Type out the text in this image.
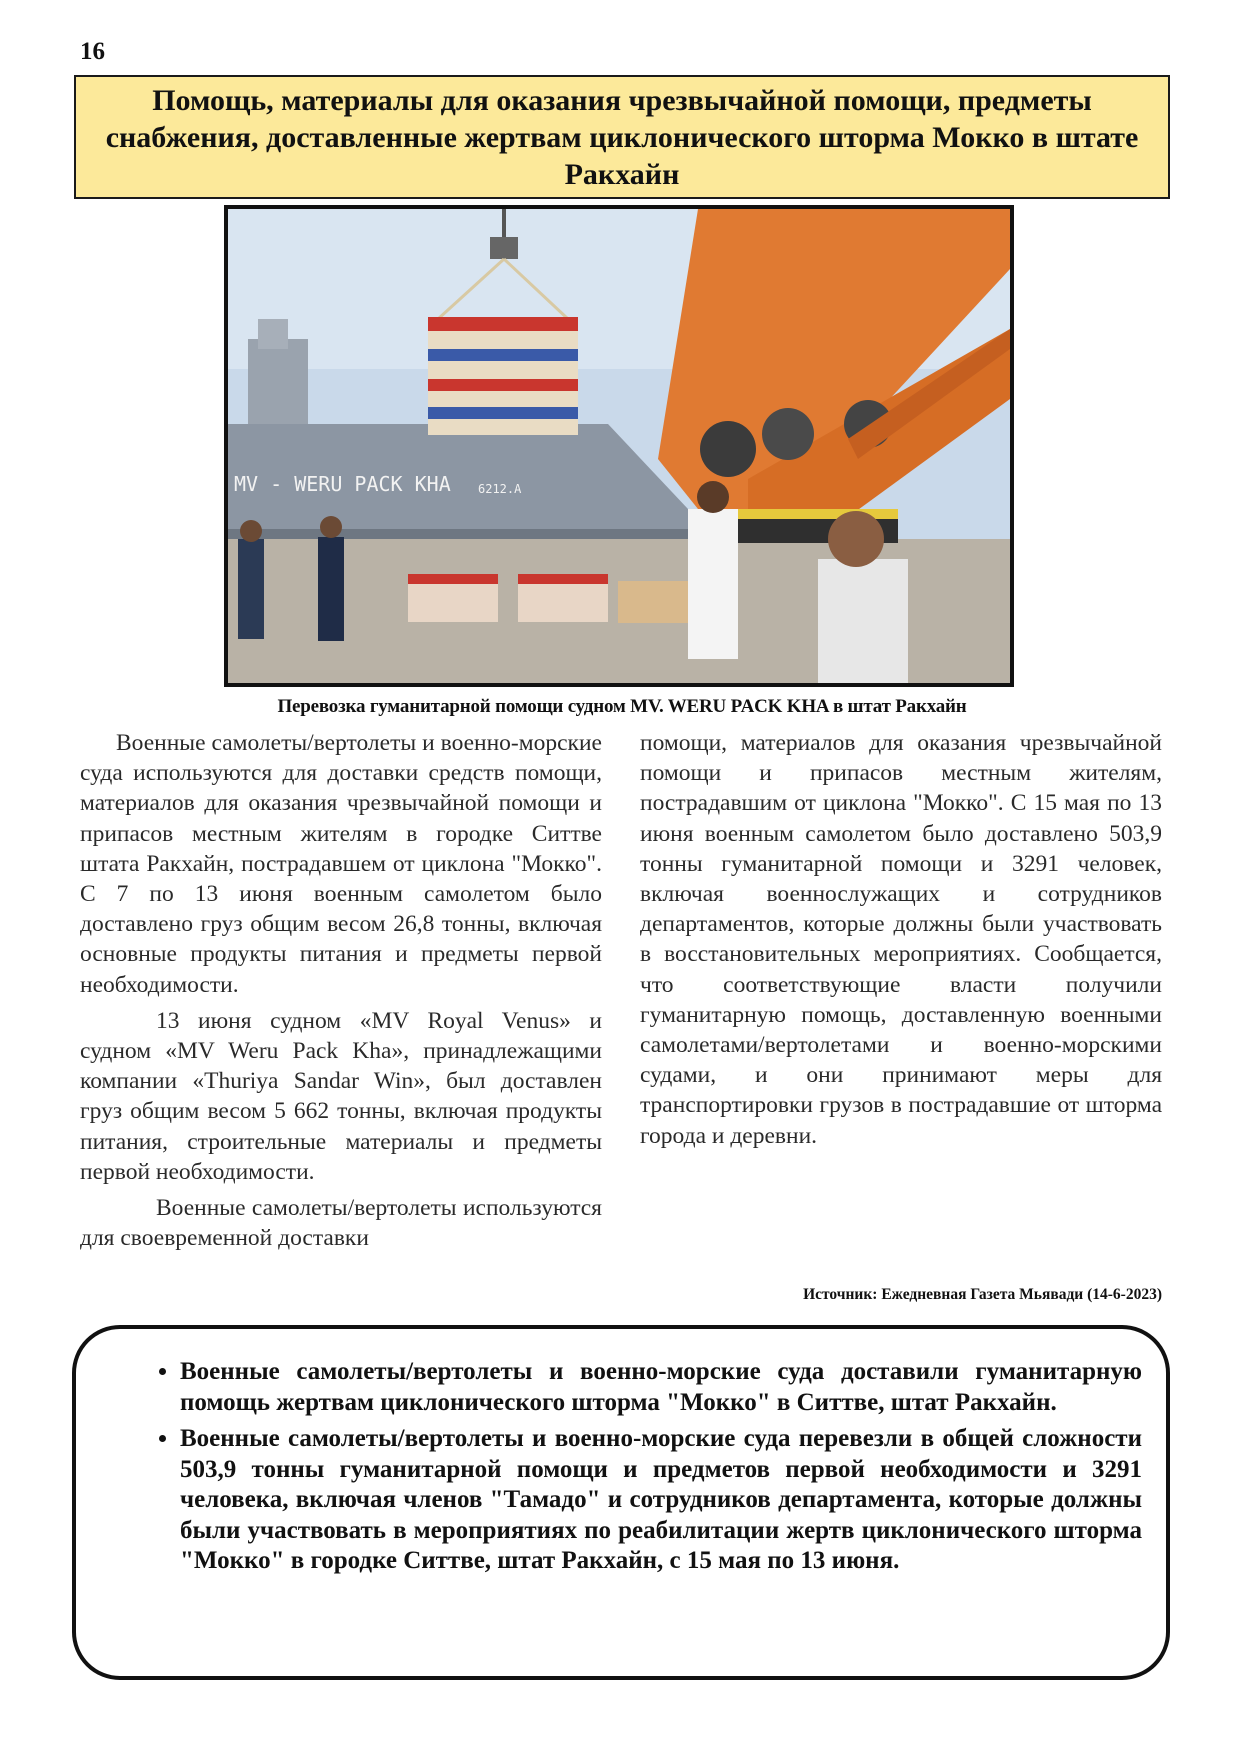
16
Помощь, материалы для оказания чрезвычайной помощи, предметы снабжения, доставленные жертвам циклонического шторма Мокко в штате Ракхайн
MV - WERU PACK KHA 6212.A
Перевозка гуманитарной помощи судном MV. WERU PACK KHA в штат Ракхайн

Военные самолеты/вертолеты и военно-морские суда используются для доставки средств помощи, материалов для оказания чрезвычайной помощи и припасов местным жителям в городке Ситтве штата Ракхайн, пострадавшем от циклона "Мокко". С 7 по 13 июня военным самолетом было доставлено груз общим весом 26,8 тонны, включая основные продукты питания и предметы первой необходимости.

13 июня судном «MV Royal Venus» и судном «MV Weru Pack Kha», принадлежащими компании «Thuriya Sandar Win», был доставлен груз общим весом 5 662 тонны, включая продукты питания, строительные материалы и предметы первой необходимости.

Военные самолеты/вертолеты используются для своевременной доставки

помощи, материалов для оказания чрезвычайной помощи и припасов местным жителям, пострадавшим от циклона "Мокко". С 15 мая по 13 июня военным самолетом было доставлено 503,9 тонны гуманитарной помощи и 3291 человек, включая военнослужащих и сотрудников департаментов, которые должны были участвовать в восстановительных мероприятиях. Сообщается, что соответствующие власти получили гуманитарную помощь, доставленную военными самолетами/вертолетами и военно-морскими судами, и они принимают меры для транспортировки грузов в пострадавшие от шторма города и деревни.

Источник: Ежедневная Газета Мьявади (14-6-2023)
• Военные самолеты/вертолеты и военно-морские суда доставили гуманитарную помощь жертвам циклонического шторма "Мокко" в Ситтве, штат Ракхайн.
• Военные самолеты/вертолеты и военно-морские суда перевезли в общей сложности 503,9 тонны гуманитарной помощи и предметов первой необходимости и 3291 человека, включая членов "Тамадо" и сотрудников департамента, которые должны были участвовать в мероприятиях по реабилитации жертв циклонического шторма "Мокко" в городке Ситтве, штат Ракхайн, с 15 мая по 13 июня.
